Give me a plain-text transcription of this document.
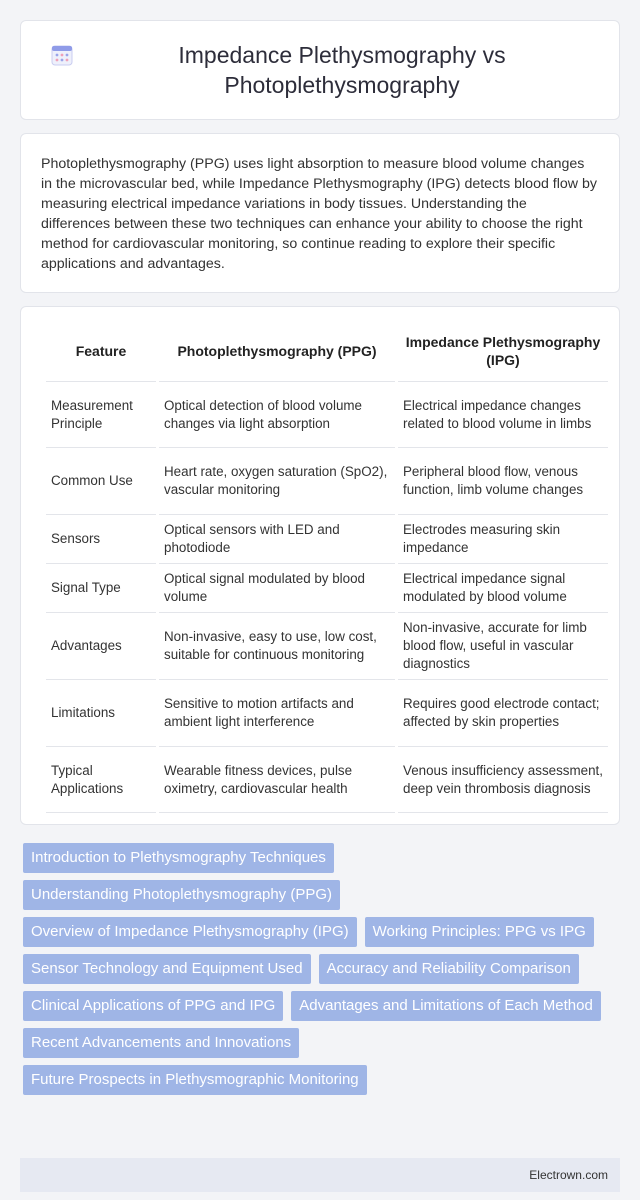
Impedance Plethysmography vs Photoplethysmography

Photoplethysmography (PPG) uses light absorption to measure blood volume changes in the microvascular bed, while Impedance Plethysmography (IPG) detects blood flow by measuring electrical impedance variations in body tissues. Understanding the differences between these two techniques can enhance your ability to choose the right method for cardiovascular monitoring, so continue reading to explore their specific applications and advantages.

Feature	Photoplethysmography (PPG)	Impedance Plethysmography (IPG)
Measurement Principle	Optical detection of blood volume changes via light absorption	Electrical impedance changes related to blood volume in limbs
Common Use	Heart rate, oxygen saturation (SpO2), vascular monitoring	Peripheral blood flow, venous function, limb volume changes
Sensors	Optical sensors with LED and photodiode	Electrodes measuring skin impedance
Signal Type	Optical signal modulated by blood volume	Electrical impedance signal modulated by blood volume
Advantages	Non-invasive, easy to use, low cost, suitable for continuous monitoring	Non-invasive, accurate for limb blood flow, useful in vascular diagnostics
Limitations	Sensitive to motion artifacts and ambient light interference	Requires good electrode contact; affected by skin properties
Typical Applications	Wearable fitness devices, pulse oximetry, cardiovascular health	Venous insufficiency assessment, deep vein thrombosis diagnosis
Introduction to Plethysmography Techniques
Understanding Photoplethysmography (PPG)
Overview of Impedance Plethysmography (IPG)	Working Principles: PPG vs IPG
Sensor Technology and Equipment Used	Accuracy and Reliability Comparison
Clinical Applications of PPG and IPG	Advantages and Limitations of Each Method
Recent Advancements and Innovations
Future Prospects in Plethysmographic Monitoring
Electrown.com
